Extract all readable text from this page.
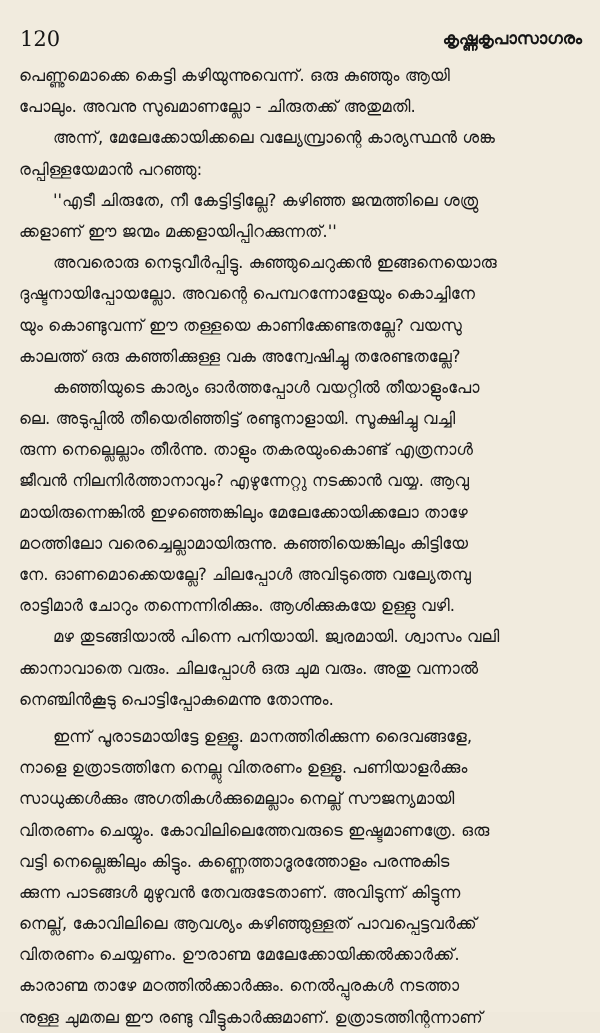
120	കൃഷ്ണകൃപാസാഗരം
പെണ്ണുമൊക്കെ കെട്ടി കഴിയുന്നുവെന്ന്. ഒരു കുഞ്ഞും ആയി
പോലും. അവനു സുഖമാണല്ലോ - ചിരുതക്ക് അതുമതി.
അന്ന്, മേലേക്കോയിക്കലെ വല്യേമ്പ്രാന്റെ കാര്യസ്ഥൻ ശങ്ക
രപ്പിള്ളയേമാൻ പറഞ്ഞു:
''എടീ ചിരുതേ, നീ കേട്ടിട്ടില്ലേ? കഴിഞ്ഞ ജന്മത്തിലെ ശത്രു
ക്കളാണ് ഈ ജന്മം മക്കളായിപ്പിറക്കുന്നത്.''
അവരൊരു നെടുവീർപ്പിട്ടു. കുഞ്ഞുചെറുക്കൻ ഇങ്ങനെയൊരു
ദുഷ്ടനായിപ്പോയല്ലോ. അവന്റെ പെമ്പറന്നോളേയും കൊച്ചിനേ
യും കൊണ്ടുവന്ന് ഈ തള്ളയെ കാണിക്കേണ്ടതല്ലേ? വയസു
കാലത്ത് ഒരു കഞ്ഞിക്കുള്ള വക അന്വേഷിച്ചു തരേണ്ടതല്ലേ?
കഞ്ഞിയുടെ കാര്യം ഓർത്തപ്പോൾ വയറ്റിൽ തീയാളുംപോ
ലെ. അടുപ്പിൽ തീയെരിഞ്ഞിട്ട് രണ്ടുനാളായി. സൂക്ഷിച്ചു വച്ചി
രുന്ന നെല്ലെല്ലാം തീർന്നു. താളും തകരയുംകൊണ്ട് എത്രനാൾ
ജീവൻ നിലനിർത്താനാവും? എഴുന്നേറ്റു നടക്കാൻ വയ്യ. ആവു
മായിരുന്നെങ്കിൽ ഇഴഞ്ഞെങ്കിലും മേലേക്കോയിക്കലോ താഴേ
മഠത്തിലോ വരെച്ചെല്ലാമായിരുന്നു. കഞ്ഞിയെങ്കിലും കിട്ടിയേ
നേ. ഓണമൊക്കെയല്ലേ? ചിലപ്പോൾ അവിടുത്തെ വല്യേതമ്പു
രാട്ടിമാർ ചോറും തന്നെന്നിരിക്കും. ആശിക്കുകയേ ഉള്ളു വഴി.
മഴ തുടങ്ങിയാൽ പിന്നെ പനിയായി. ജ്വരമായി. ശ്വാസം വലി
ക്കാനാവാതെ വരും. ചിലപ്പോൾ ഒരു ചുമ വരും. അതു വന്നാൽ
നെഞ്ചിൻകൂടു പൊട്ടിപ്പോകുമെന്നു തോന്നും.
ഇന്ന് പൂരാടമായിട്ടേ ഉള്ളൂ. മാനത്തിരിക്കുന്ന ദൈവങ്ങളേ,
നാളെ ഉത്രാടത്തിനേ നെല്ലു വിതരണം ഉള്ളൂ. പണിയാളർക്കും
സാധുക്കൾക്കും അഗതികൾക്കുമെല്ലാം നെല്ല് സൗജന്യമായി
വിതരണം ചെയ്യും. കോവിലിലെത്തേവരുടെ ഇഷ്ടമാണത്രേ. ഒരു
വട്ടി നെല്ലെങ്കിലും കിട്ടും. കണ്ണെത്താദൂരത്തോളം പരന്നുകിട
ക്കുന്ന പാടങ്ങൾ മുഴുവൻ തേവരുടേതാണ്. അവിടുന്ന് കിട്ടുന്ന
നെല്ല്, കോവിലിലെ ആവശ്യം കഴിഞ്ഞുള്ളത് പാവപ്പെട്ടവർക്ക്
വിതരണം ചെയ്യണം. ഊരാണ്മ മേലേക്കോയിക്കൽക്കാർക്ക്.
കാരാണ്മ താഴേ മഠത്തിൽക്കാർക്കും. നെൽപ്പുരകൾ നടത്താ
നുള്ള ചുമതല ഈ രണ്ടു വീട്ടുകാർക്കുമാണ്. ഉത്രാടത്തിന്റന്നാണ്
